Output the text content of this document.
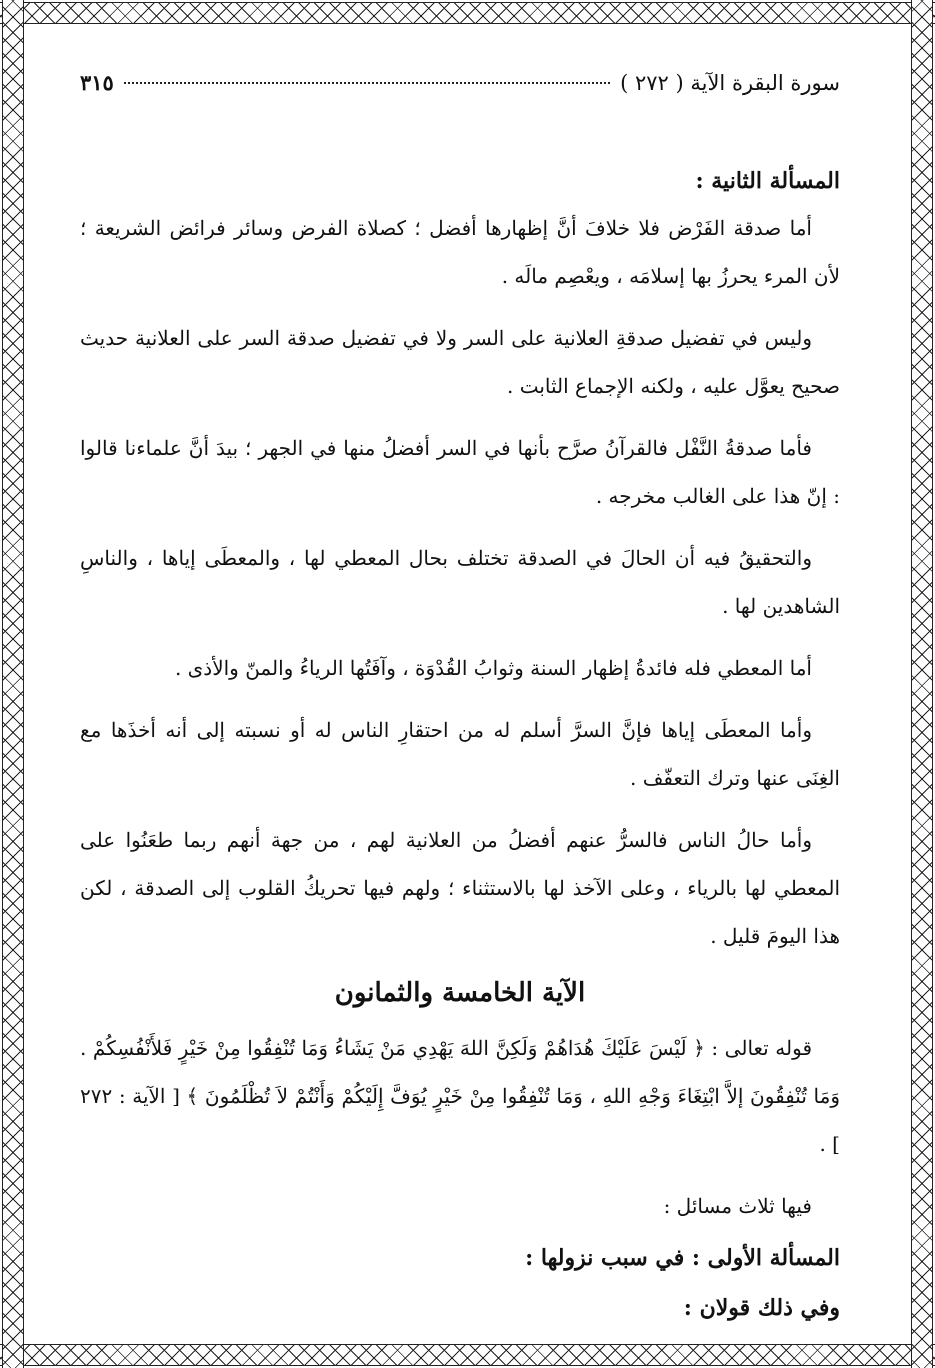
سورة البقرة الآية ( ٢٧٢ )
٣١٥
المسألة الثانية :

أما صدقة الفَرْض فلا خلافَ أنَّ إظهارها أفضل ؛ كصلاة الفرض وسائر فرائض الشريعة ؛ لأن المرء يحرزُ بها إسلامَه ، ويعْصِم مالَه .

وليس في تفضيل صدقةِ العلانية على السر ولا في تفضيل صدقة السر على العلانية حديث صحيح يعوَّل عليه ، ولكنه الإجماع الثابت .

فأما صدقةُ النَّفْل فالقرآنُ صرَّح بأنها في السر أفضلُ منها في الجهر ؛ بيدَ أنَّ علماءنا قالوا : إنّ هذا على الغالب مخرجه .

والتحقيقُ فيه أن الحالَ في الصدقة تختلف بحال المعطي لها ، والمعطَى إياها ، والناسِ الشاهدين لها .

أما المعطي فله فائدةُ إظهار السنة وثوابُ القُدْوَة ، وآفَتُها الرياءُ والمنّ والأذى .

وأما المعطَى إياها فإنَّ السرَّ أسلم له من احتقارِ الناس له أو نسبته إلى أنه أخذَها مع الغِنَى عنها وترك التعفّف .

وأما حالُ الناس فالسرُّ عنهم أفضلُ من العلانية لهم ، من جهة أنهم ربما طعَنُوا على المعطي لها بالرياء ، وعلى الآخذ لها بالاستثناء ؛ ولهم فيها تحريكُ القلوب إلى الصدقة ، لكن هذا اليومَ قليل .

الآية الخامسة والثمانون

قوله تعالى : ﴿ لَيْسَ عَلَيْكَ هُدَاهُمْ وَلَكِنَّ اللهَ يَهْدِي مَنْ يَشَاءُ وَمَا تُنْفِقُوا مِنْ خَيْرٍ فَلأَنْفُسِكُمْ . وَمَا تُنْفِقُونَ إلاَّ ابْتِغَاءَ وَجْهِ اللهِ ، وَمَا تُنْفِقُوا مِنْ خَيْرٍ يُوَفَّ إِلَيْكُمْ وَأَنْتُمْ لاَ تُظْلَمُونَ ﴾ [ الآية : ٢٧٢ ] .

فيها ثلاث مسائل :

المسألة الأولى : في سبب نزولها :
وفي ذلك قولان :
